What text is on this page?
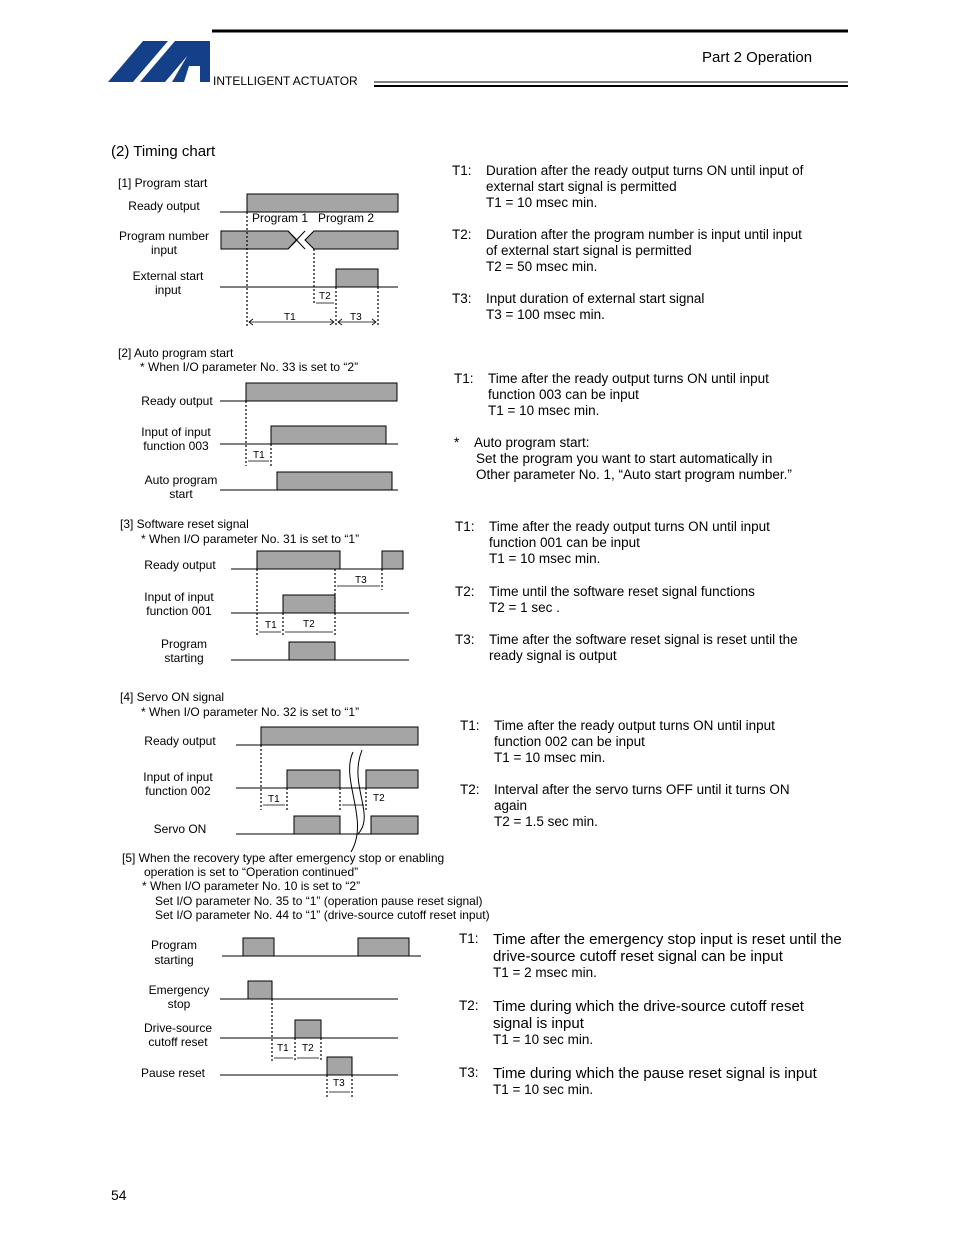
Part 2 Operation
INTELLIGENT ACTUATOR
(2) Timing chart
[1] Program start
Ready output
Program number
input
External start
input
T1
T2
T3
T1
T1	T2
T3
T1	T2
T1 T2
T3
Program 1 Program 2
T1:	Duration after the ready output turns ON until input of
external start signal is permitted
T1 = 10 msec min.
T2:	Duration after the program number is input until input
of external start signal is permitted
T2 = 50 msec min.
T3:	Input duration of external start signal
T3 = 100 msec min.
[2] Auto program start
* When I/O parameter No. 33 is set to “2”
Ready output
Input of input
function 003
Auto program
start
T1:	Time after the ready output turns ON until input
function 003 can be input
T1 = 10 msec min.
*	Auto program start:
Set the program you want to start automatically in
Other parameter No. 1, “Auto start program number.”
[3] Software reset signal
* When I/O parameter No. 31 is set to “1”
Ready output
Input of input
function 001
Program
starting
T1:	Time after the ready output turns ON until input
function 001 can be input
T1 = 10 msec min.
T2:	Time until the software reset signal functions
T2 = 1 sec .
T3:	Time after the software reset signal is reset until the
ready signal is output
[4] Servo ON signal
* When I/O parameter No. 32 is set to “1”
Ready output
Input of input
function 002
Servo ON
T1:	Time after the ready output turns ON until input
function 002 can be input
T1 = 10 msec min.
T2:	Interval after the servo turns OFF until it turns ON
again
T2 = 1.5 sec min.
[5] When the recovery type after emergency stop or enabling
operation is set to “Operation continued”
* When I/O parameter No. 10 is set to “2”
Set I/O parameter No. 35 to “1” (operation pause reset signal)
Set I/O parameter No. 44 to “1” (drive-source cutoff reset input)
Program
starting
Emergency
stop
Drive-source
cutoff reset
Pause reset
T1: Time after the emergency stop input is reset until the
drive-source cutoff reset signal can be input
T1 = 2 msec min.
T2: Time during which the drive-source cutoff reset
signal is input
T1 = 10 sec min.
T3: Time during which the pause reset signal is input
T1 = 10 sec min.
54
